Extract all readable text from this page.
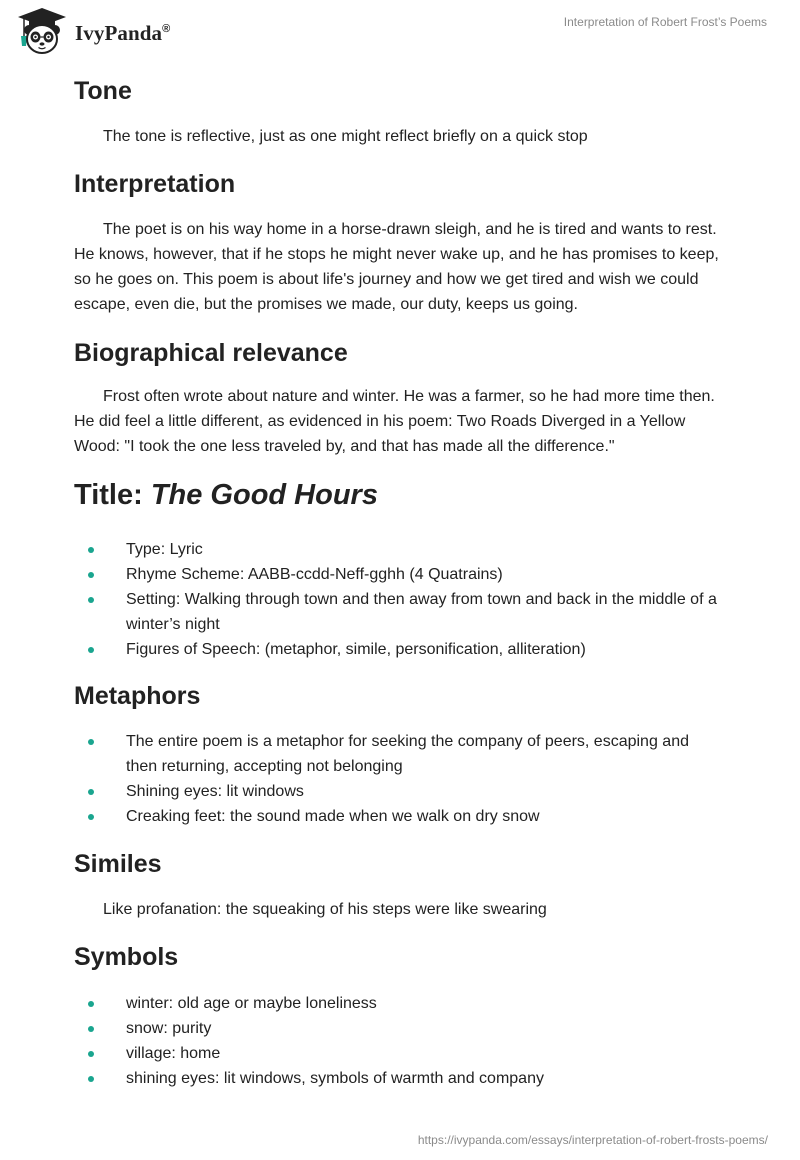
IvyPanda®	Interpretation of Robert Frost’s Poems
Tone

The tone is reflective, just as one might reflect briefly on a quick stop

Interpretation

The poet is on his way home in a horse-drawn sleigh, and he is tired and wants to rest. He knows, however, that if he stops he might never wake up, and he has promises to keep, so he goes on. This poem is about life's journey and how we get tired and wish we could escape, even die, but the promises we made, our duty, keeps us going.

Biographical relevance

Frost often wrote about nature and winter. He was a farmer, so he had more time then. He did feel a little different, as evidenced in his poem: Two Roads Diverged in a Yellow Wood: "I took the one less traveled by, and that has made all the difference."

Title: The Good Hours
Type: Lyric
Rhyme Scheme: AABB-ccdd-Neff-gghh (4 Quatrains)
Setting: Walking through town and then away from town and back in the middle of a winter’s night
Figures of Speech: (metaphor, simile, personification, alliteration)
Metaphors
The entire poem is a metaphor for seeking the company of peers, escaping and then returning, accepting not belonging
Shining eyes: lit windows
Creaking feet: the sound made when we walk on dry snow
Similes

Like profanation: the squeaking of his steps were like swearing

Symbols
winter: old age or maybe loneliness
snow: purity
village: home
shining eyes: lit windows, symbols of warmth and company
https://ivypanda.com/essays/interpretation-of-robert-frosts-poems/
